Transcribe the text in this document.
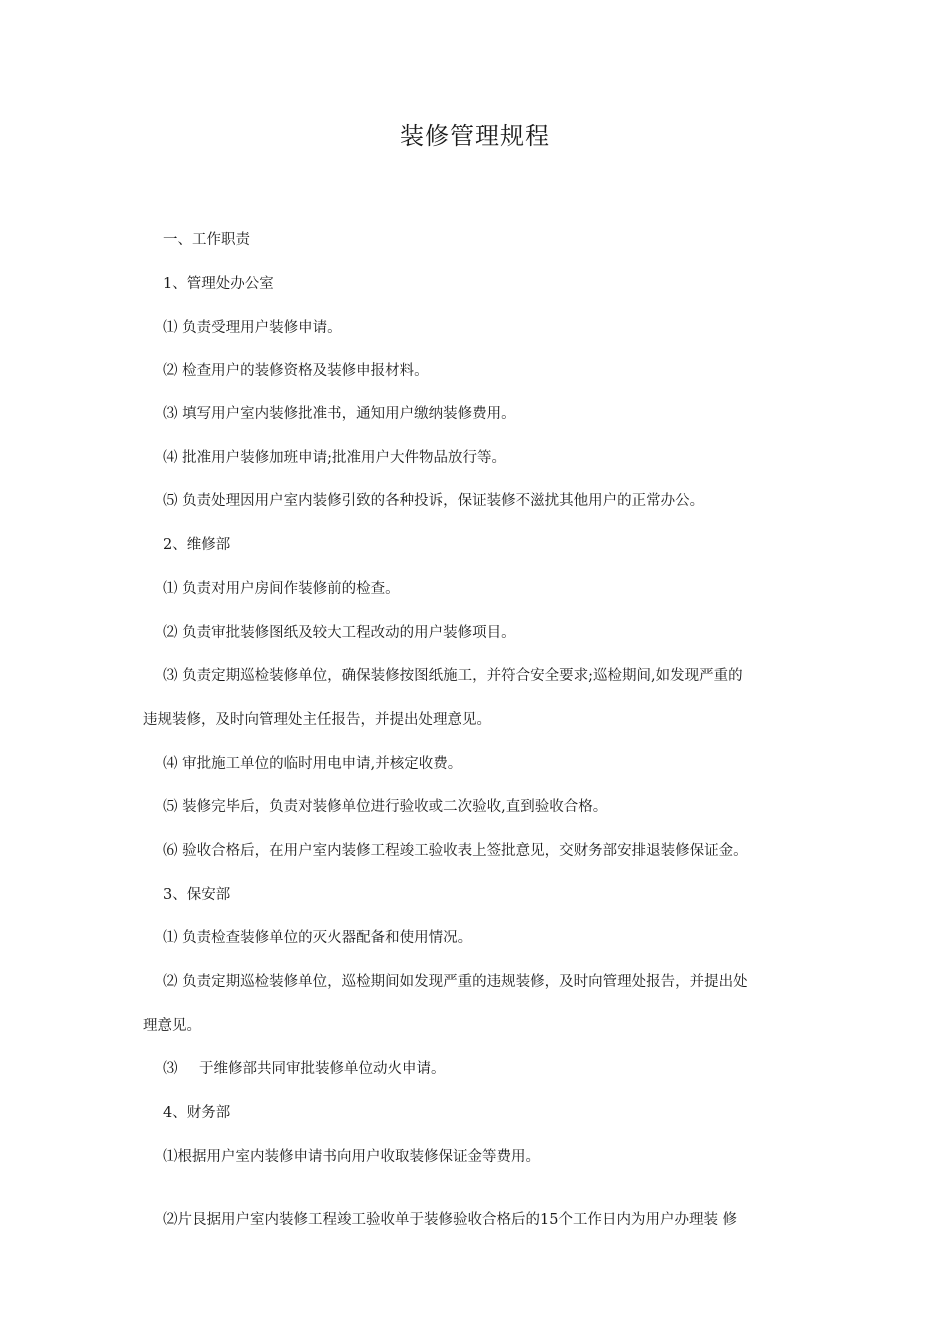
装修管理规程
一、工作职责
1、管理处办公室
⑴ 负责受理用户装修申请。
⑵ 检查用户的装修资格及装修申报材料。
⑶ 填写用户室内装修批准书，通知用户缴纳装修费用。
⑷ 批准用户装修加班申请;批准用户大件物品放行等。
⑸ 负责处理因用户室内装修引致的各种投诉，保证装修不滋扰其他用户的正常办公。
2、维修部
⑴ 负责对用户房间作装修前的检查。
⑵ 负责审批装修图纸及较大工程改动的用户装修项目。
⑶ 负责定期巡检装修单位，确保装修按图纸施工，并符合安全要求;巡检期间,如发现严重的
违规装修，及时向管理处主任报告，并提出处理意见。
⑷ 审批施工单位的临时用电申请,并核定收费。
⑸ 装修完毕后，负责对装修单位进行验收或二次验收,直到验收合格。
⑹ 验收合格后，在用户室内装修工程竣工验收表上签批意见，交财务部安排退装修保证金。
3、保安部
⑴ 负责检查装修单位的灭火器配备和使用情况。
⑵ 负责定期巡检装修单位，巡检期间如发现严重的违规装修，及时向管理处报告，并提出处
理意见。
⑶ 于维修部共同审批装修单位动火申请。
4、财务部
⑴根据用户室内装修申请书向用户收取装修保证金等费用。
⑵片艮据用户室内装修工程竣工验收单于装修验收合格后的15个工作日内为用户办理装 修
